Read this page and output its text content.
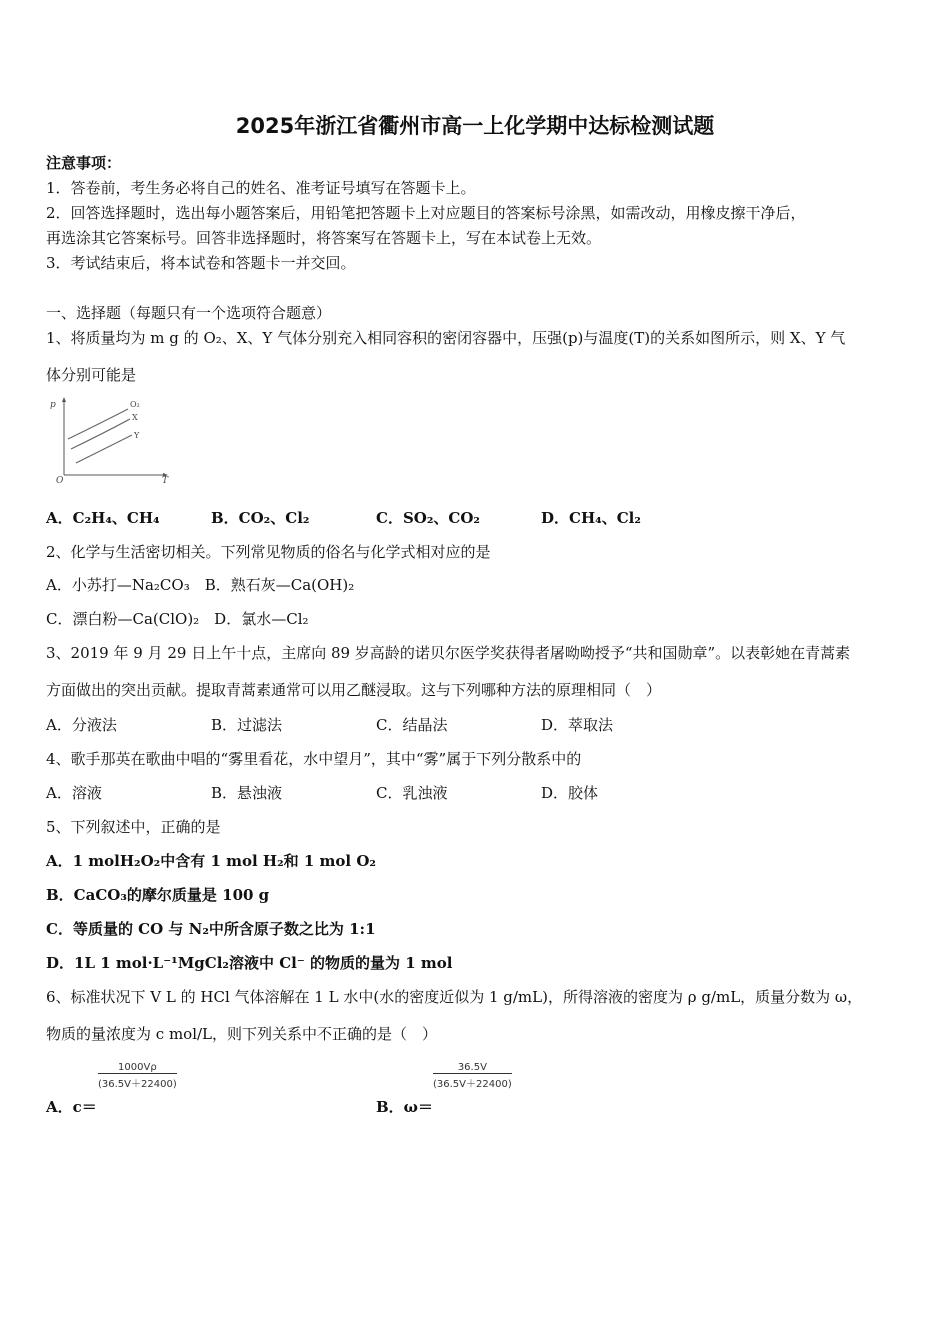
2025年浙江省衢州市高一上化学期中达标检测试题
注意事项：
1．答卷前，考生务必将自己的姓名、准考证号填写在答题卡上。
2．回答选择题时，选出每小题答案后，用铅笔把答题卡上对应题目的答案标号涂黑，如需改动，用橡皮擦干净后，
再选涂其它答案标号。回答非选择题时，将答案写在答题卡上，写在本试卷上无效。
3．考试结束后，将本试卷和答题卡一并交回。
一、选择题（每题只有一个选项符合题意）
1、将质量均为 m g 的 O₂、X、Y 气体分别充入相同容积的密闭容器中，压强(p)与温度(T)的关系如图所示，则 X、Y 气
体分别可能是
p
O	T
O₂
X
Y
A．C₂H₄、CH₄	B．CO₂、Cl₂	C．SO₂、CO₂	D．CH₄、Cl₂
2、化学与生活密切相关。下列常见物质的俗名与化学式相对应的是
A．小苏打—Na₂CO₃　B．熟石灰—Ca(OH)₂
C．漂白粉—Ca(ClO)₂　D．氯水—Cl₂
3、2019 年 9 月 29 日上午十点，主席向 89 岁高龄的诺贝尔医学奖获得者屠呦呦授予“共和国勋章”。以表彰她在青蒿素
方面做出的突出贡献。提取青蒿素通常可以用乙醚浸取。这与下列哪种方法的原理相同（　）
A．分液法	B．过滤法	C．结晶法	D．萃取法
4、歌手那英在歌曲中唱的“雾里看花，水中望月”，其中“雾”属于下列分散系中的
A．溶液	B．悬浊液	C．乳浊液	D．胶体
5、下列叙述中，正确的是
A．1 molH₂O₂中含有 1 mol H₂和 1 mol O₂
B．CaCO₃的摩尔质量是 100 g
C．等质量的 CO 与 N₂中所含原子数之比为 1:1
D．1L 1 mol·L⁻¹MgCl₂溶液中 Cl⁻ 的物质的量为 1 mol
6、标准状况下 V L 的 HCl 气体溶解在 1 L 水中(水的密度近似为 1 g/mL)，所得溶液的密度为 ρ g/mL，质量分数为 ω，
物质的量浓度为 c mol/L，则下列关系中不正确的是（　）
$\frac{1000V\rho}{(36.5V+22400)}$
A．c＝
$\frac{36.5V}{(36.5V+22400)}$
B．ω＝
